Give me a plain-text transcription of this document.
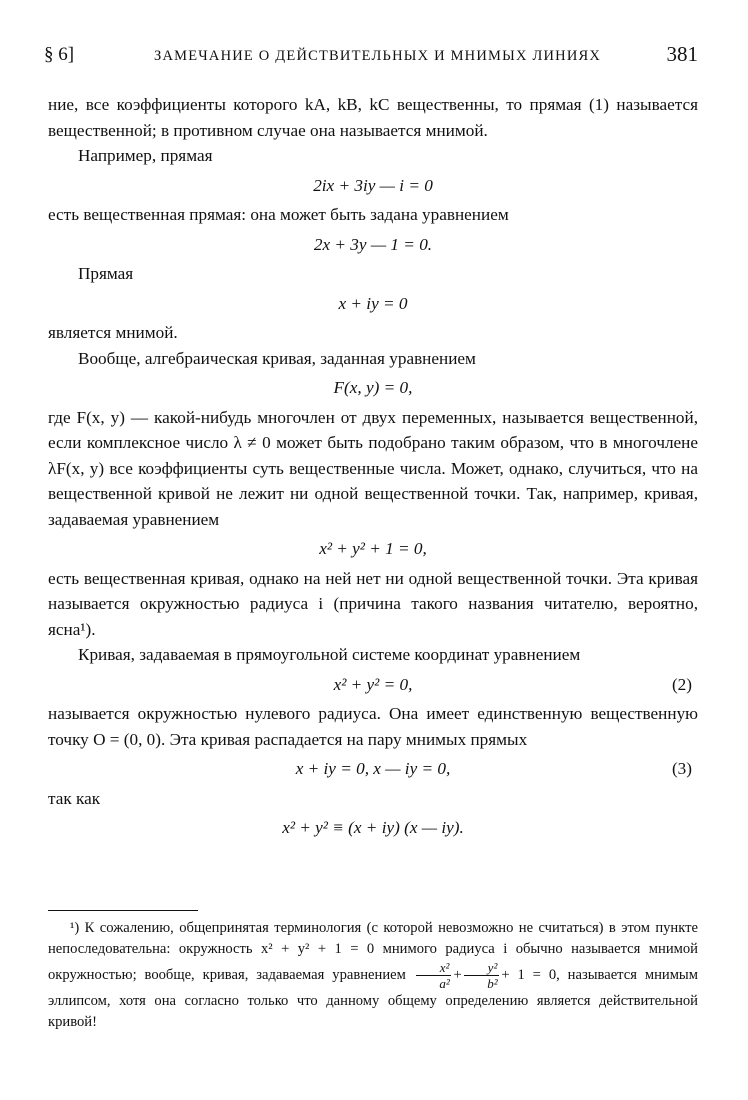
§ 6]	ЗАМЕЧАНИЕ О ДЕЙСТВИТЕЛЬНЫХ И МНИМЫХ ЛИНИЯХ	381

ние, все коэффициенты которого kA, kB, kC вещественны, то прямая (1) называется вещественной; в противном случае она называется мнимой.

Например, прямая

2ix + 3iy — i = 0

есть вещественная прямая: она может быть задана уравнением

2x + 3y — 1 = 0.

Прямая

x + iy = 0

является мнимой.

Вообще, алгебраическая кривая, заданная уравнением

F(x, y) = 0,

где F(x, y) — какой-нибудь многочлен от двух переменных, называется вещественной, если комплексное число λ ≠ 0 может быть подобрано таким образом, что в многочлене λF(x, y) все коэффициенты суть вещественные числа. Может, однако, случиться, что на вещественной кривой не лежит ни одной вещественной точки. Так, например, кривая, задаваемая уравнением

x² + y² + 1 = 0,

есть вещественная кривая, однако на ней нет ни одной вещественной точки. Эта кривая называется окружностью радиуса i (причина такого названия читателю, вероятно, ясна¹).

Кривая, задаваемая в прямоугольной системе координат уравнением

x² + y² = 0,	(2)

называется окружностью нулевого радиуса. Она имеет единственную вещественную точку O = (0, 0). Эта кривая распадается на пару мнимых прямых

x + iy = 0, x — iy = 0,	(3)

так как

x² + y² ≡ (x + iy) (x — iy).

¹) К сожалению, общепринятая терминология (с которой невозможно не считаться) в этом пункте непоследовательна: окружность x² + y² + 1 = 0 мнимого радиуса i обычно называется мнимой окружностью; вообще, кривая, задаваемая уравнением $\frac{\text{x²}}{\text{a²}} + \frac{\text{y²}}{\text{b²}} + 1 = 0$, называется мнимым эллипсом, хотя она согласно только что данному общему определению является действительной кривой!
